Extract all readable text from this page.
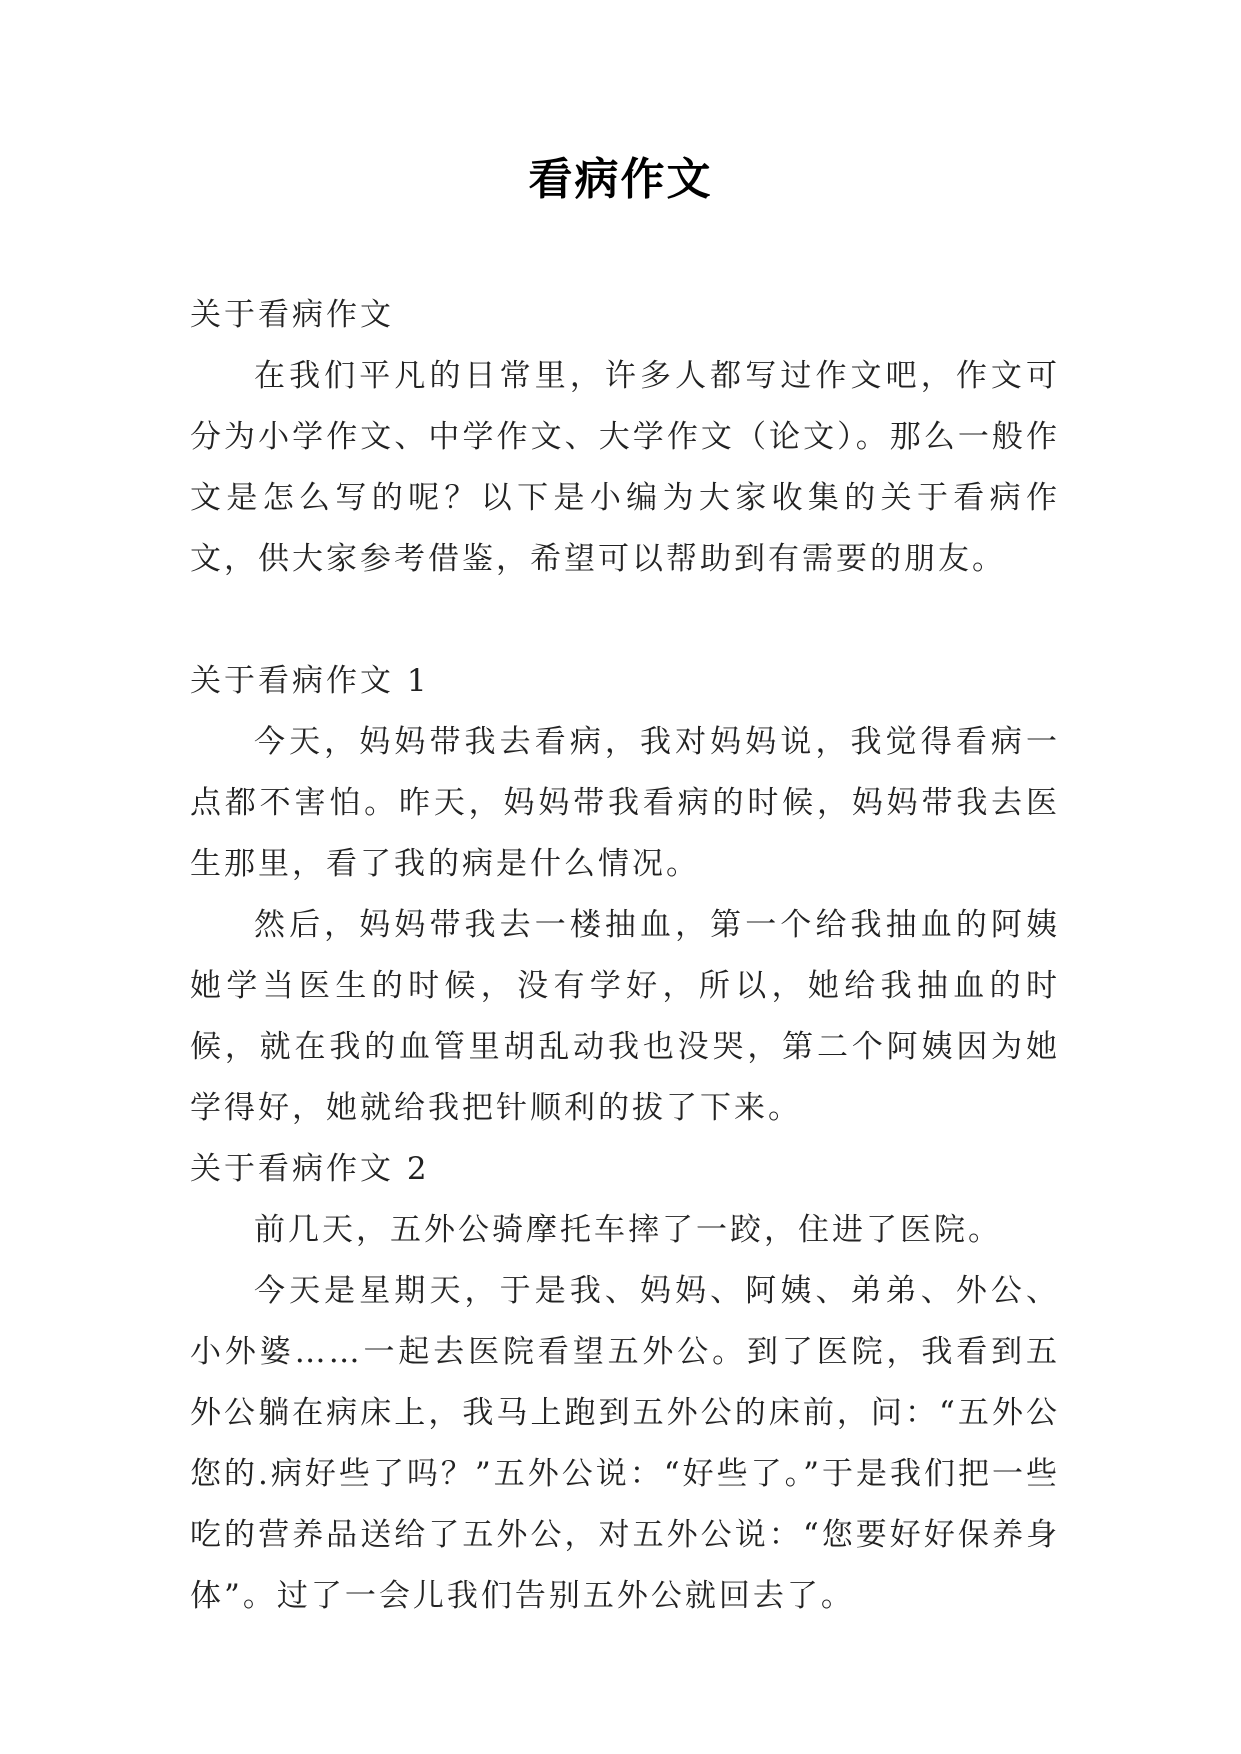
看病作文

关于看病作文

在我们平凡的日常里，许多人都写过作文吧，作文可分为小学作文、中学作文、大学作文（论文）。那么一般作文是怎么写的呢？以下是小编为大家收集的关于看病作文，供大家参考借鉴，希望可以帮助到有需要的朋友。

关于看病作文 1

今天，妈妈带我去看病，我对妈妈说，我觉得看病一点都不害怕。昨天，妈妈带我看病的时候，妈妈带我去医生那里，看了我的病是什么情况。

然后，妈妈带我去一楼抽血，第一个给我抽血的阿姨她学当医生的时候，没有学好，所以，她给我抽血的时候，就在我的血管里胡乱动我也没哭，第二个阿姨因为她学得好，她就给我把针顺利的拔了下来。

关于看病作文 2

前几天，五外公骑摩托车摔了一跤，住进了医院。

今天是星期天，于是我、妈妈、阿姨、弟弟、外公、小外婆……一起去医院看望五外公。到了医院，我看到五外公躺在病床上，我马上跑到五外公的床前，问：“五外公您的.病好些了吗？”五外公说：“好些了。”于是我们把一些吃的营养品送给了五外公，对五外公说：“您要好好保养身体”。过了一会儿我们告别五外公就回去了。
